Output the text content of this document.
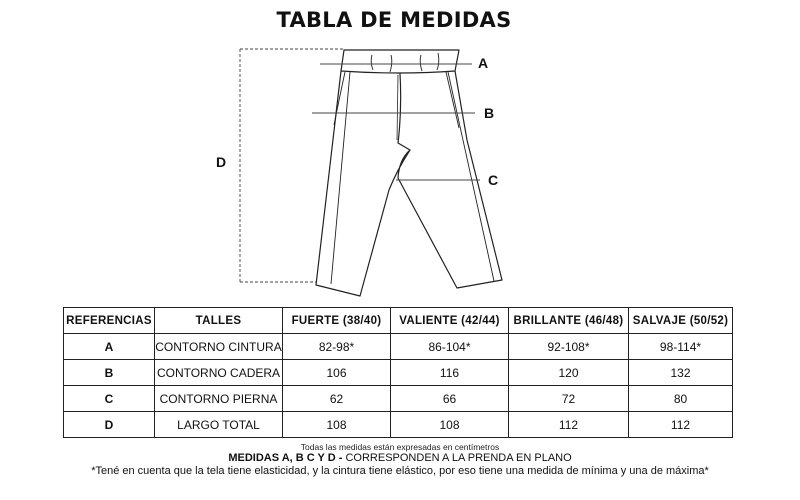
TABLA DE MEDIDAS
A
B
C
D
REFERENCIAS	TALLES	FUERTE (38/40)	VALIENTE (42/44)	BRILLANTE (46/48)	SALVAJE (50/52)
A	CONTORNO CINTURA	82-98*	86-104*	92-108*	98-114*
B	CONTORNO CADERA	106	116	120	132
C	CONTORNO PIERNA	62	66	72	80
D	LARGO TOTAL	108	108	112	112
Todas las medidas están expresadas en centímetros
MEDIDAS A, B C Y D - CORRESPONDEN A LA PRENDA EN PLANO
*Tené en cuenta que la tela tiene elasticidad, y la cintura tiene elástico, por eso tiene una medida de mínima y una de máxima*
